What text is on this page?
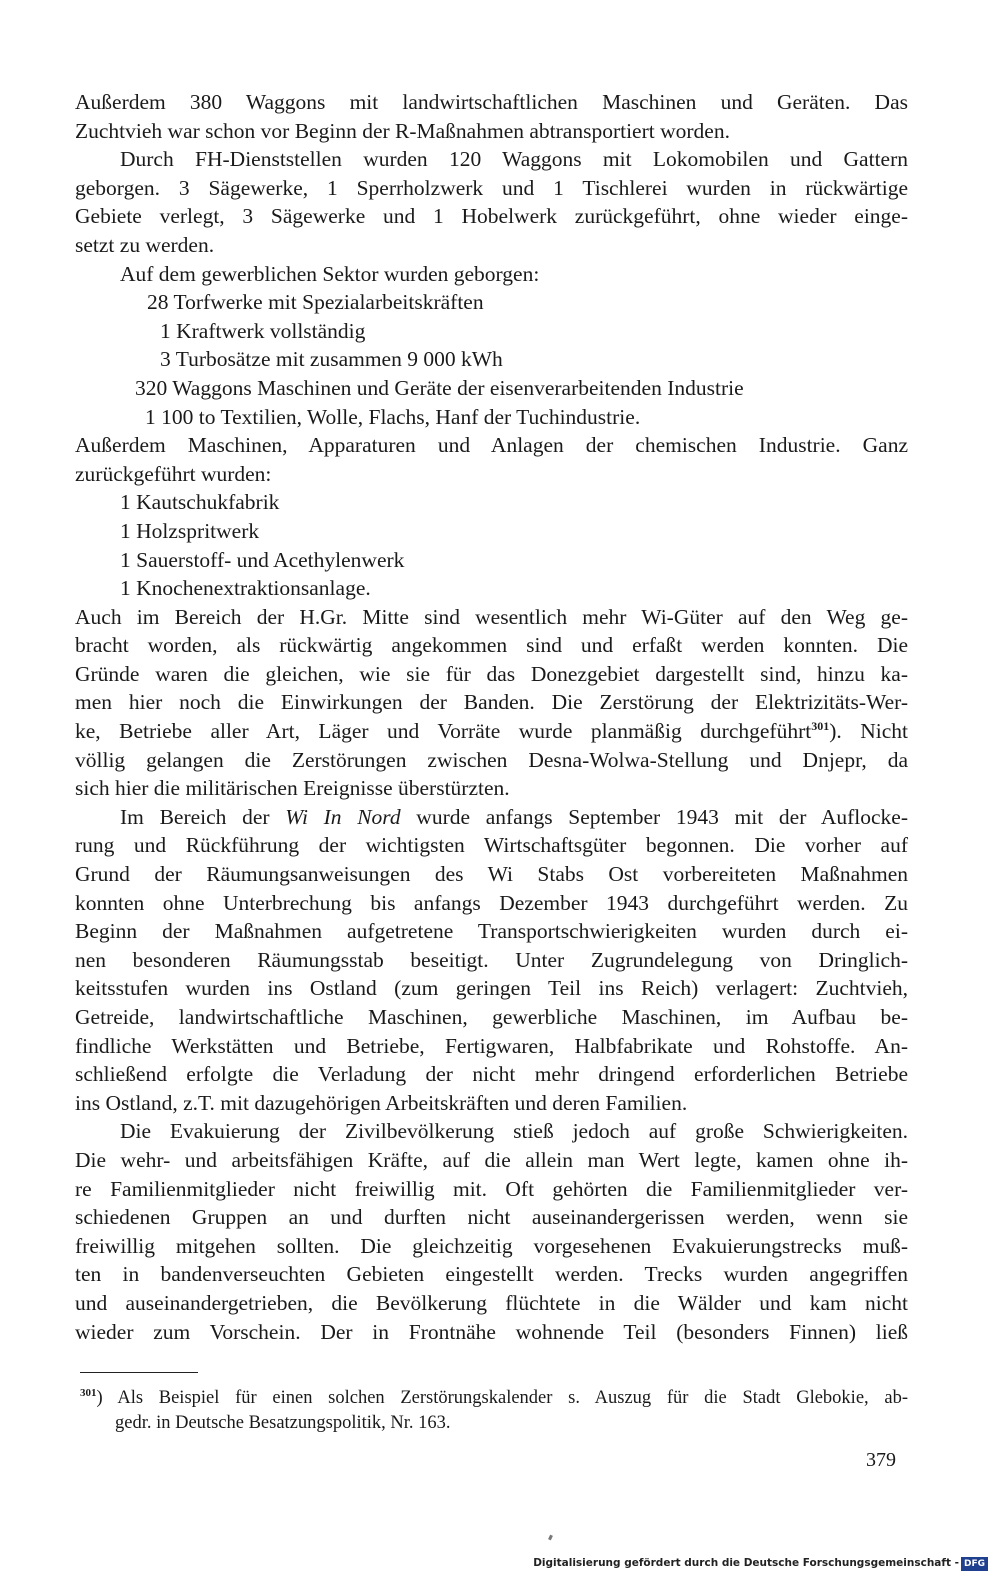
Außerdem 380 Waggons mit landwirtschaftlichen Maschinen und Geräten. Das
Zuchtvieh war schon vor Beginn der R-Maßnahmen abtransportiert worden.
Durch FH-Dienststellen wurden 120 Waggons mit Lokomobilen und Gattern
geborgen. 3 Sägewerke, 1 Sperrholzwerk und 1 Tischlerei wurden in rückwärtige
Gebiete verlegt, 3 Sägewerke und 1 Hobelwerk zurückgeführt, ohne wieder einge-
setzt zu werden.
Auf dem gewerblichen Sektor wurden geborgen:
28 Torfwerke mit Spezialarbeitskräften
1 Kraftwerk vollständig
3 Turbosätze mit zusammen 9 000 kWh
320 Waggons Maschinen und Geräte der eisenverarbeitenden Industrie
1 100 to Textilien, Wolle, Flachs, Hanf der Tuchindustrie.
Außerdem Maschinen, Apparaturen und Anlagen der chemischen Industrie. Ganz
zurückgeführt wurden:
1 Kautschukfabrik
1 Holzspritwerk
1 Sauerstoff- und Acethylenwerk
1 Knochenextraktionsanlage.
Auch im Bereich der H.Gr. Mitte sind wesentlich mehr Wi-Güter auf den Weg ge-
bracht worden, als rückwärtig angekommen sind und erfaßt werden konnten. Die
Gründe waren die gleichen, wie sie für das Donezgebiet dargestellt sind, hinzu ka-
men hier noch die Einwirkungen der Banden. Die Zerstörung der Elektrizitäts-Wer-
ke, Betriebe aller Art, Läger und Vorräte wurde planmäßig durchgeführt$^{301}$). Nicht
völlig gelangen die Zerstörungen zwischen Desna-Wolwa-Stellung und Dnjepr, da
sich hier die militärischen Ereignisse überstürzten.
Im Bereich der Wi In Nord wurde anfangs September 1943 mit der Auflocke-
rung und Rückführung der wichtigsten Wirtschaftsgüter begonnen. Die vorher auf
Grund der Räumungsanweisungen des Wi Stabs Ost vorbereiteten Maßnahmen
konnten ohne Unterbrechung bis anfangs Dezember 1943 durchgeführt werden. Zu
Beginn der Maßnahmen aufgetretene Transportschwierigkeiten wurden durch ei-
nen besonderen Räumungsstab beseitigt. Unter Zugrundelegung von Dringlich-
keitsstufen wurden ins Ostland (zum geringen Teil ins Reich) verlagert: Zuchtvieh,
Getreide, landwirtschaftliche Maschinen, gewerbliche Maschinen, im Aufbau be-
findliche Werkstätten und Betriebe, Fertigwaren, Halbfabrikate und Rohstoffe. An-
schließend erfolgte die Verladung der nicht mehr dringend erforderlichen Betriebe
ins Ostland, z.T. mit dazugehörigen Arbeitskräften und deren Familien.
Die Evakuierung der Zivilbevölkerung stieß jedoch auf große Schwierigkeiten.
Die wehr- und arbeitsfähigen Kräfte, auf die allein man Wert legte, kamen ohne ih-
re Familienmitglieder nicht freiwillig mit. Oft gehörten die Familienmitglieder ver-
schiedenen Gruppen an und durften nicht auseinandergerissen werden, wenn sie
freiwillig mitgehen sollten. Die gleichzeitig vorgesehenen Evakuierungstrecks muß-
ten in bandenverseuchten Gebieten eingestellt werden. Trecks wurden angegriffen
und auseinandergetrieben, die Bevölkerung flüchtete in die Wälder und kam nicht
wieder zum Vorschein. Der in Frontnähe wohnende Teil (besonders Finnen) ließ
$^{301}$) Als Beispiel für einen solchen Zerstörungskalender s. Auszug für die Stadt Glebokie, ab-
gedr. in Deutsche Besatzungspolitik, Nr. 163.
379
Digitalisierung gefördert durch die Deutsche Forschungsgemeinschaft - DFG
